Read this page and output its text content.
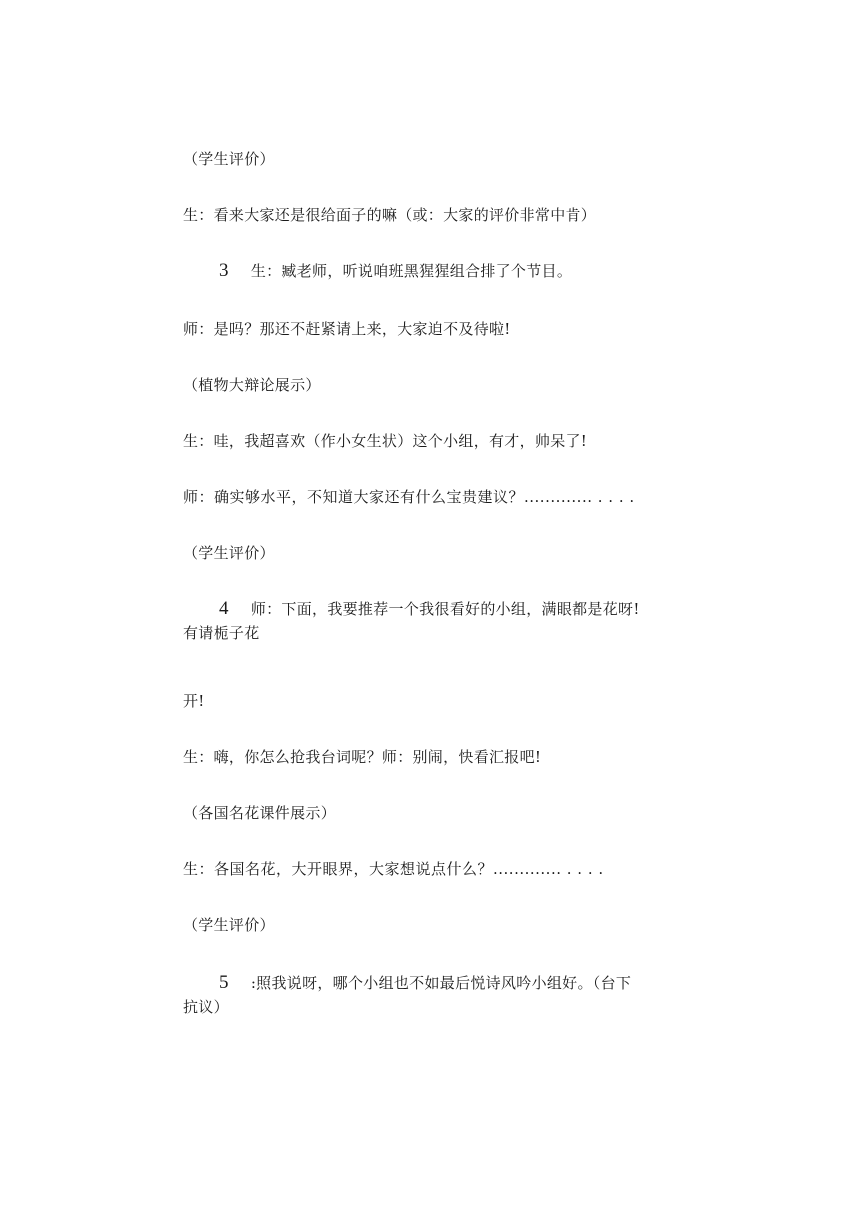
（学生评价）
生：看来大家还是很给面子的嘛（或：大家的评价非常中肯）
3 生：臧老师，听说咱班黑猩猩组合排了个节目。
师：是吗？那还不赶紧请上来，大家迫不及待啦!
（植物大辩论展示）
生：哇，我超喜欢（作小女生状）这个小组，有才，帅呆了!
师：确实够水平，不知道大家还有什么宝贵建议？............. . . . .
（学生评价）
4 师：下面，我要推荐一个我很看好的小组，满眼都是花呀!
有请栀子花
开!
生：嗨，你怎么抢我台词呢？师：别闹，快看汇报吧!
（各国名花课件展示）
生：各国名花，大开眼界，大家想说点什么？............. . . . .
（学生评价）
5 :照我说呀，哪个小组也不如最后悦诗风吟小组好。（台下
抗议）
